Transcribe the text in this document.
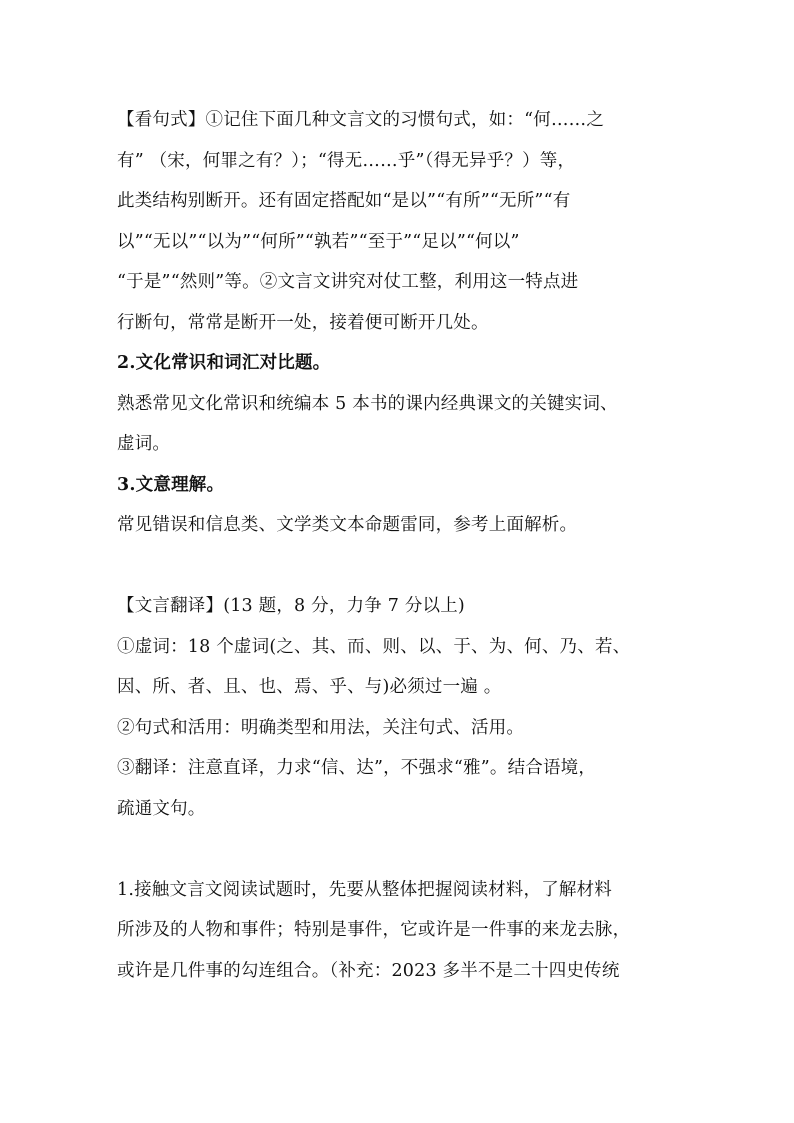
【看句式】①记住下面几种文言文的习惯句式，如：“何……之
有” （宋，何罪之有？）；“得无……乎”（得无异乎？）等，
此类结构别断开。还有固定搭配如“是以”“有所”“无所”“有
以”“无以”“以为”“何所”“孰若”“至于”“足以”“何以”
“于是”“然则”等。②文言文讲究对仗工整，利用这一特点进
行断句，常常是断开一处，接着便可断开几处。
2.文化常识和词汇对比题。
熟悉常见文化常识和统编本 5 本书的课内经典课文的关键实词、
虚词。
3.文意理解。
常见错误和信息类、文学类文本命题雷同，参考上面解析。
【文言翻译】(13 题，8 分，力争 7 分以上)
①虚词：18 个虚词(之、其、而、则、以、于、为、何、乃、若、
因、所、者、且、也、焉、乎、与)必须过一遍 。
②句式和活用：明确类型和用法，关注句式、活用。
③翻译：注意直译，力求“信、达”，不强求“雅”。结合语境，
疏通文句。
1.接触文言文阅读试题时，先要从整体把握阅读材料，了解材料
所涉及的人物和事件；特别是事件，它或许是一件事的来龙去脉，
或许是几件事的勾连组合。（补充：2023 多半不是二十四史传统
